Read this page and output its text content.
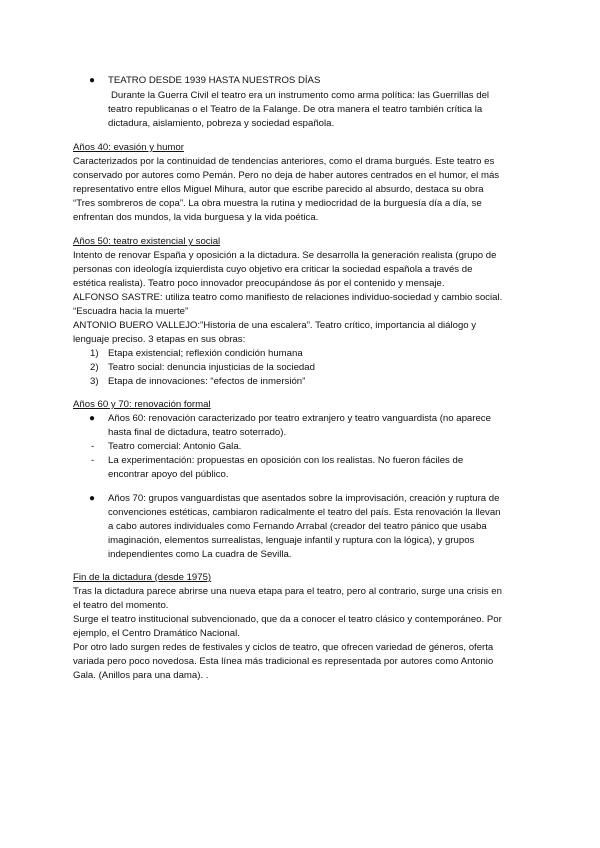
● TEATRO DESDE 1939 HASTA NUESTROS DÍAS
Durante la Guerra Civil el teatro era un instrumento como arma política: las Guerrillas del
teatro republicanas o el Teatro de la Falange. De otra manera el teatro también crítica la
dictadura, aislamiento, pobreza y sociedad española.
Años 40: evasión y humor
Caracterizados por la continuidad de tendencias anteriores, como el drama burgués. Este teatro es
conservado por autores como Pemán. Pero no deja de haber autores centrados en el humor, el más
representativo entre ellos Miguel Mihura, autor que escribe parecido al absurdo, destaca su obra
“Tres sombreros de copa”. La obra muestra la rutina y mediocridad de la burguesía día a día, se
enfrentan dos mundos, la vida burguesa y la vida poética.
Años 50: teatro existencial y social
Intento de renovar España y oposición a la dictadura. Se desarrolla la generación realista (grupo de
personas con ideología izquierdista cuyo objetivo era criticar la sociedad española a través de
estética realista). Teatro poco innovador preocupándose ás por el contenido y mensaje.
ALFONSO SASTRE: utiliza teatro como manifiesto de relaciones individuo-sociedad y cambio social.
“Escuadra hacia la muerte”
ANTONIO BUERO VALLEJO:”Historia de una escalera”. Teatro crítico, importancia al diálogo y
lenguaje preciso. 3 etapas en sus obras:
1) Etapa existencial; reflexión condición humana
2) Teatro social: denuncia injusticias de la sociedad
3) Etapa de innovaciones: “efectos de inmersión”
Años 60 y 70: renovación formal
● Años 60: renovación caracterizado por teatro extranjero y teatro vanguardista (no aparece
hasta final de dictadura, teatro soterrado).
- Teatro comercial: Antonio Gala.
- La experimentación: propuestas en oposición con los realistas. No fueron fáciles de
encontrar apoyo del público.
● Años 70: grupos vanguardistas que asentados sobre la improvisación, creación y ruptura de
convenciones estéticas, cambiaron radicalmente el teatro del país. Esta renovación la llevan
a cabo autores individuales como Fernando Arrabal (creador del teatro pánico que usaba
imaginación, elementos surrealistas, lenguaje infantil y ruptura con la lógica), y grupos
independientes como La cuadra de Sevilla.
Fin de la dictadura (desde 1975)
Tras la dictadura parece abrirse una nueva etapa para el teatro, pero al contrario, surge una crisis en
el teatro del momento.
Surge el teatro institucional subvencionado, que da a conocer el teatro clásico y contemporáneo. Por
ejemplo, el Centro Dramático Nacional.
Por otro lado surgen redes de festivales y ciclos de teatro, que ofrecen variedad de géneros, oferta
variada pero poco novedosa. Esta línea más tradicional es representada por autores como Antonio
Gala. (Anillos para una dama). .
